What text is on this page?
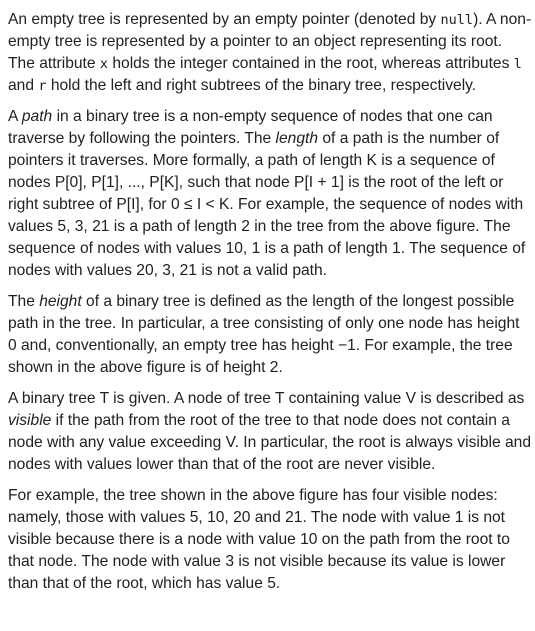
An empty tree is represented by an empty pointer (denoted by null). A non-empty tree is represented by a pointer to an object representing its root. The attribute x holds the integer contained in the root, whereas attributes l and r hold the left and right subtrees of the binary tree, respectively.

A path in a binary tree is a non-empty sequence of nodes that one can traverse by following the pointers. The length of a path is the number of pointers it traverses. More formally, a path of length K is a sequence of nodes P[0], P[1], ..., P[K], such that node P[I + 1] is the root of the left or right subtree of P[I], for 0 ≤ I < K. For example, the sequence of nodes with values 5, 3, 21 is a path of length 2 in the tree from the above figure. The sequence of nodes with values 10, 1 is a path of length 1. The sequence of nodes with values 20, 3, 21 is not a valid path.

The height of a binary tree is defined as the length of the longest possible path in the tree. In particular, a tree consisting of only one node has height 0 and, conventionally, an empty tree has height −1. For example, the tree shown in the above figure is of height 2.

A binary tree T is given. A node of tree T containing value V is described as visible if the path from the root of the tree to that node does not contain a node with any value exceeding V. In particular, the root is always visible and nodes with values lower than that of the root are never visible.

For example, the tree shown in the above figure has four visible nodes: namely, those with values 5, 10, 20 and 21. The node with value 1 is not visible because there is a node with value 10 on the path from the root to that node. The node with value 3 is not visible because its value is lower than that of the root, which has value 5.
